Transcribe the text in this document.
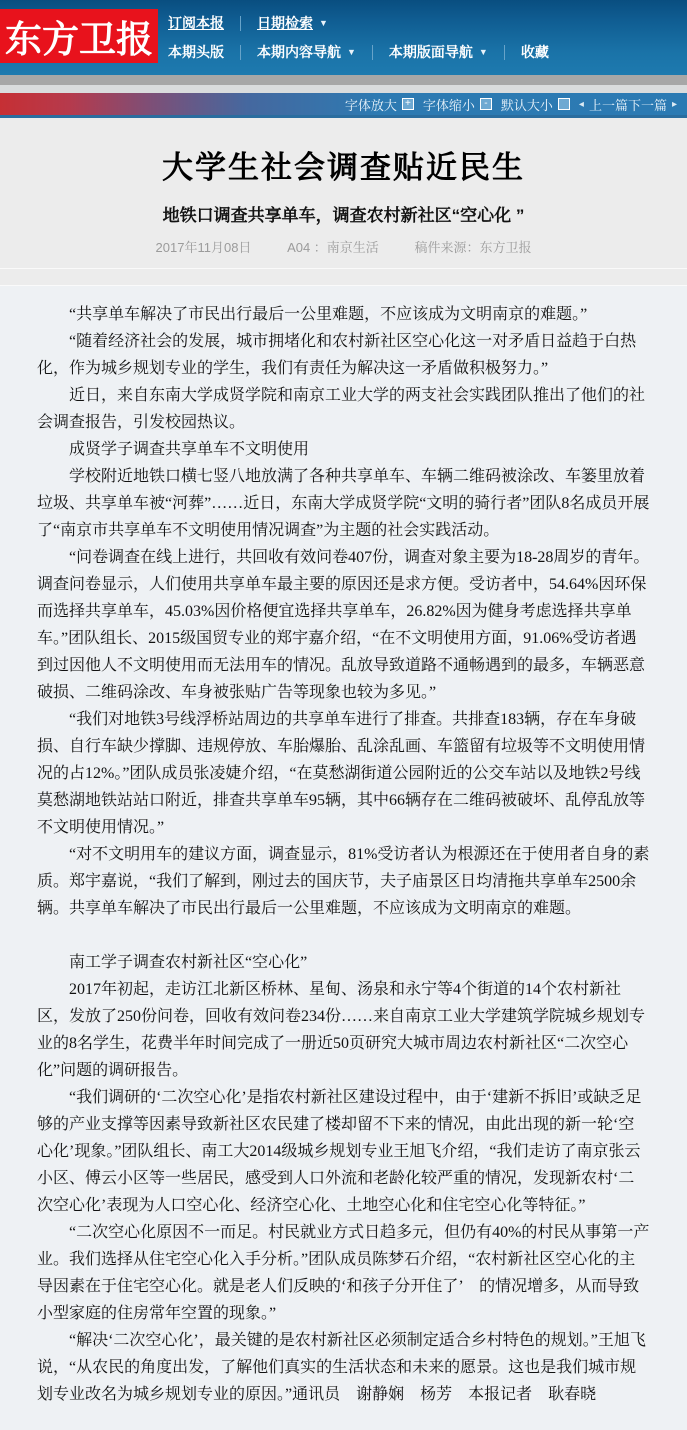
东方卫报	订阅本报 日期检索 ▼
本期头版 本期内容导航 ▼ 本期版面导航 ▼ 收藏
字体放大 + 字体缩小 -	默认大小	◂ 上一篇下一篇 ▸
大学生社会调查贴近民生
地铁口调查共享单车，调查农村新社区“空心化 ”
2017年11月08日	A04 ：南京生活	稿件来源：东方卫报
“共享单车解决了市民出行最后一公里难题，不应该成为文明南京的难题。”
“随着经济社会的发展，城市拥堵化和农村新社区空心化这一对矛盾日益趋于白热化，作为城乡规划专业的学生，我们有责任为解决这一矛盾做积极努力。”
近日，来自东南大学成贤学院和南京工业大学的两支社会实践团队推出了他们的社会调查报告，引发校园热议。
成贤学子调查共享单车不文明使用
学校附近地铁口横七竖八地放满了各种共享单车、车辆二维码被涂改、车篓里放着垃圾、共享单车被“河葬”……近日，东南大学成贤学院“文明的骑行者”团队8名成员开展了“南京市共享单车不文明使用情况调查”为主题的社会实践活动。
“问卷调查在线上进行，共回收有效问卷407份，调查对象主要为18-28周岁的青年。调查问卷显示，人们使用共享单车最主要的原因还是求方便。受访者中，54.64%因环保而选择共享单车，45.03%因价格便宜选择共享单车，26.82%因为健身考虑选择共享单车。”团队组长、2015级国贸专业的郑宇嘉介绍，“在不文明使用方面，91.06%受访者遇到过因他人不文明使用而无法用车的情况。乱放导致道路不通畅遇到的最多，车辆恶意破损、二维码涂改、车身被张贴广告等现象也较为多见。”
“我们对地铁3号线浮桥站周边的共享单车进行了排查。共排查183辆，存在车身破损、自行车缺少撑脚、违规停放、车胎爆胎、乱涂乱画、车篮留有垃圾等不文明使用情况的占12%。”团队成员张凌婕介绍，“在莫愁湖街道公园附近的公交车站以及地铁2号线莫愁湖地铁站站口附近，排查共享单车95辆，其中66辆存在二维码被破坏、乱停乱放等不文明使用情况。”
“对不文明用车的建议方面，调查显示，81%受访者认为根源还在于使用者自身的素质。郑宇嘉说，“我们了解到，刚过去的国庆节，夫子庙景区日均清拖共享单车2500余辆。共享单车解决了市民出行最后一公里难题，不应该成为文明南京的难题。
南工学子调查农村新社区“空心化”
2017年初起，走访江北新区桥林、星甸、汤泉和永宁等4个街道的14个农村新社区，发放了250份问卷，回收有效问卷234份……来自南京工业大学建筑学院城乡规划专业的8名学生，花费半年时间完成了一册近50页研究大城市周边农村新社区“二次空心化”问题的调研报告。
“我们调研的‘二次空心化’是指农村新社区建设过程中，由于‘建新不拆旧’或缺乏足够的产业支撑等因素导致新社区农民建了楼却留不下来的情况，由此出现的新一轮‘空心化’现象。”团队组长、南工大2014级城乡规划专业王旭飞介绍，“我们走访了南京张云小区、傅云小区等一些居民，感受到人口外流和老龄化较严重的情况，发现新农村‘二次空心化’表现为人口空心化、经济空心化、土地空心化和住宅空心化等特征。”
“二次空心化原因不一而足。村民就业方式日趋多元，但仍有40%的村民从事第一产业。我们选择从住宅空心化入手分析。”团队成员陈梦石介绍，“农村新社区空心化的主导因素在于住宅空心化。就是老人们反映的‘和孩子分开住了’　的情况增多，从而导致小型家庭的住房常年空置的现象。”
“解决‘二次空心化’，最关键的是农村新社区必须制定适合乡村特色的规划。”王旭飞说，“从农民的角度出发，了解他们真实的生活状态和未来的愿景。这也是我们城市规划专业改名为城乡规划专业的原因。”通讯员　谢静娴　杨芳　本报记者　耿春晓
